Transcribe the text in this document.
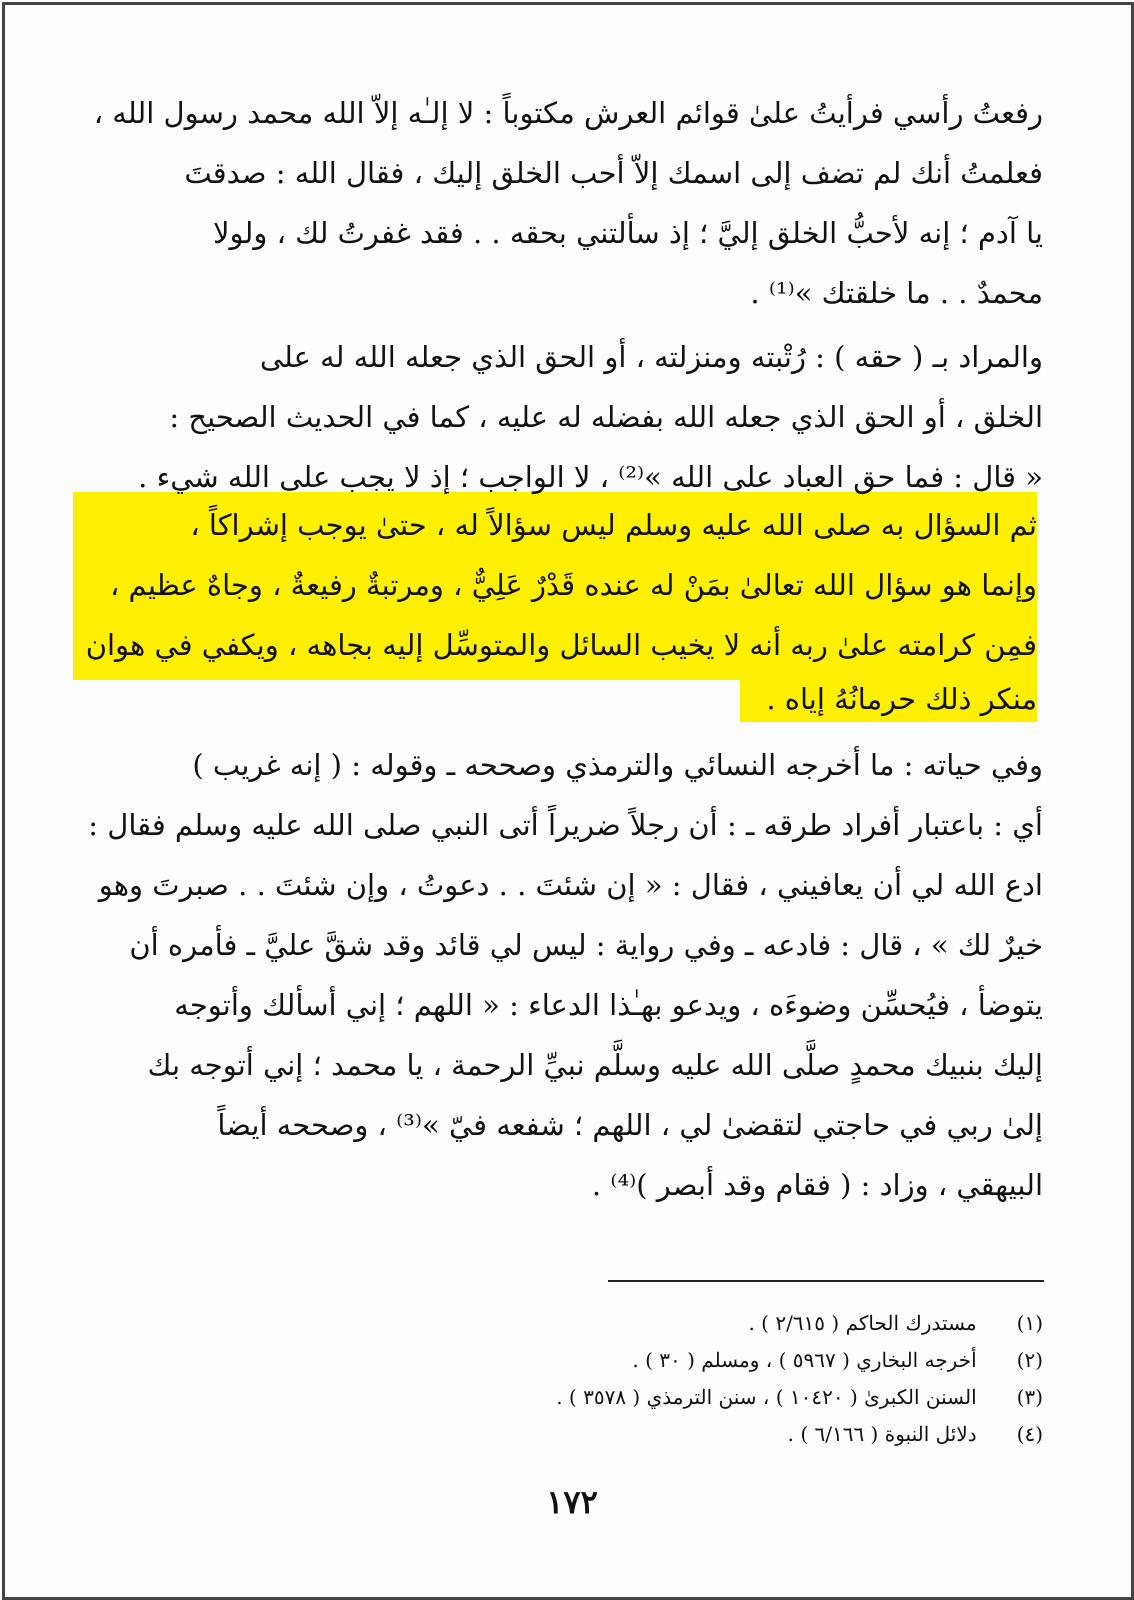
رفعتُ رأسي فرأيتُ علىٰ قوائم العرش مكتوباً : لا إلـٰه إلاّ الله محمد رسول الله ،
فعلمتُ أنك لم تضف إلى اسمك إلاّ أحب الخلق إليك ، فقال الله : صدقتَ
يا آدم ؛ إنه لأحبُّ الخلق إليَّ ؛ إذ سألتني بحقه . . فقد غفرتُ لك ، ولولا
محمدٌ . . ما خلقتك »⁽¹⁾ .
والمراد بـ ( حقه ) : رُتْبته ومنزلته ، أو الحق الذي جعله الله له على
الخلق ، أو الحق الذي جعله الله بفضله له عليه ، كما في الحديث الصحيح :
« قال : فما حق العباد على الله »⁽²⁾ ، لا الواجب ؛ إذ لا يجب على الله شيء .
ثم السؤال به صلى الله عليه وسلم ليس سؤالاً له ، حتىٰ يوجب إشراكاً ،
وإنما هو سؤال الله تعالىٰ بمَنْ له عنده قَدْرٌ عَلِيٌّ ، ومرتبةٌ رفيعةٌ ، وجاهٌ عظيم ،
فمِن كرامته علىٰ ربه أنه لا يخيب السائل والمتوسِّل إليه بجاهه ، ويكفي في هوان
منكر ذلك حرمانُهُ إياه .
وفي حياته : ما أخرجه النسائي والترمذي وصححه ـ وقوله : ( إنه غريب )
أي : باعتبار أفراد طرقه ـ : أن رجلاً ضريراً أتى النبي صلى الله عليه وسلم فقال :
ادع الله لي أن يعافيني ، فقال : « إن شئتَ . . دعوتُ ، وإن شئتَ . . صبرتَ وهو
خيرٌ لك » ، قال : فادعه ـ وفي رواية : ليس لي قائد وقد شقَّ عليَّ ـ فأمره أن
يتوضأ ، فيُحسِّن وضوءَه ، ويدعو بهـٰذا الدعاء : « اللهم ؛ إني أسألك وأتوجه
إليك بنبيك محمدٍ صلَّى الله عليه وسلَّم نبيِّ الرحمة ، يا محمد ؛ إني أتوجه بك
إلىٰ ربي في حاجتي لتقضىٰ لي ، اللهم ؛ شفعه فيّ »⁽³⁾ ، وصححه أيضاً
البيهقي ، وزاد : ( فقام وقد أبصر )⁽⁴⁾ .
(١) مستدرك الحاكم ( ٢/٦١٥ ) .
(٢) أخرجه البخاري ( ٥٩٦٧ ) ، ومسلم ( ٣٠ ) .
(٣) السنن الكبرىٰ ( ١٠٤٢٠ ) ، سنن الترمذي ( ٣٥٧٨ ) .
(٤) دلائل النبوة ( ٦/١٦٦ ) .
١٧٢
